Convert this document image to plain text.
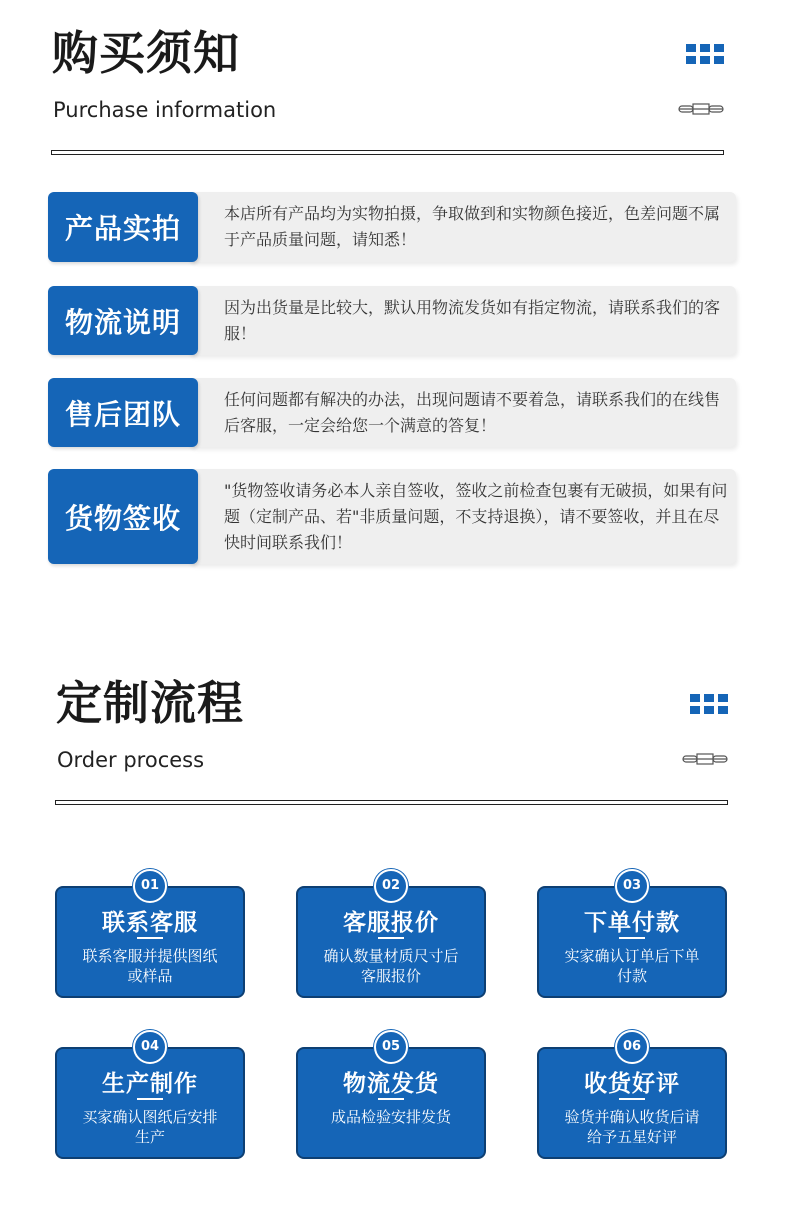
购买须知
Purchase information
本店所有产品均为实物拍摄，争取做到和实物颜色接近，色差问题不属于产品质量问题，请知悉！
产品实拍
因为出货量是比较大，默认用物流发货如有指定物流，请联系我们的客服！
物流说明
任何问题都有解决的办法，出现问题请不要着急，请联系我们的在线售后客服，一定会给您一个满意的答复！
售后团队
"货物签收请务必本人亲自签收，签收之前检查包裹有无破损，如果有问题（定制产品、若"非质量问题，不支持退换），请不要签收，并且在尽快时间联系我们！
货物签收
定制流程
Order process
01
联系客服
联系客服并提供图纸或样品
02
客服报价
确认数量材质尺寸后客服报价
03
下单付款
实家确认订单后下单付款
04
生产制作
买家确认图纸后安排生产
05
物流发货
成品检验安排发货
06
收货好评
验货并确认收货后请给予五星好评
